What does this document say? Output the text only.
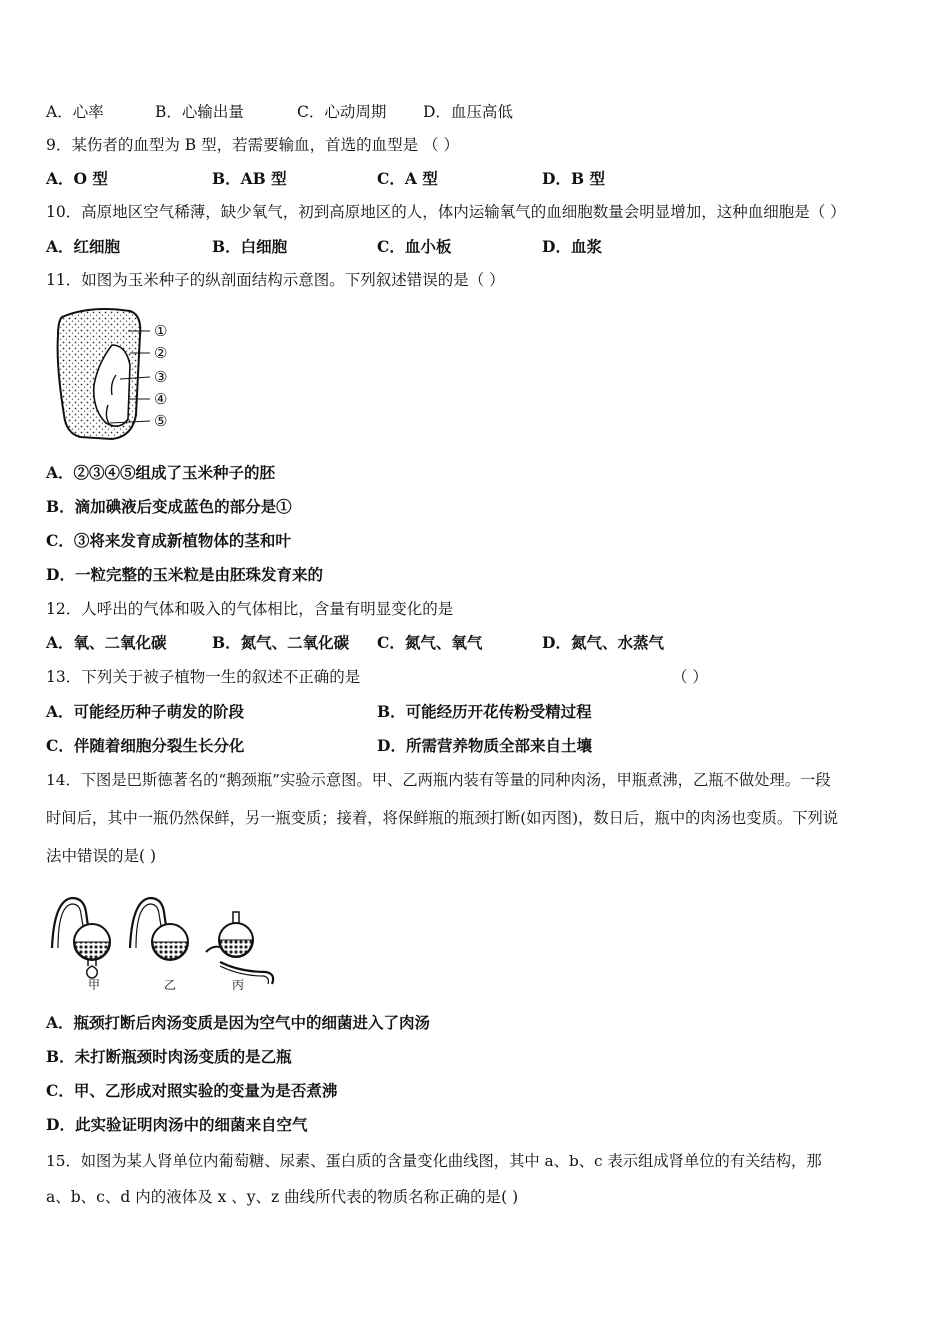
A．心率	B．心输出量	C．心动周期 D．血压高低
9．某伤者的血型为 B 型，若需要输血，首选的血型是 （ ）
A．O 型	B．AB 型	C．A 型	D．B 型
10．高原地区空气稀薄，缺少氧气，初到高原地区的人，体内运输氧气的血细胞数量会明显增加，这种血细胞是（ ）
A．红细胞	B．白细胞	C．血小板	D．血浆
11．如图为玉米种子的纵剖面结构示意图。下列叙述错误的是（ ）
①
②
③
④
⑤
A．②③④⑤组成了玉米种子的胚
B．滴加碘液后变成蓝色的部分是①
C．③将来发育成新植物体的茎和叶
D．一粒完整的玉米粒是由胚珠发育来的
12．人呼出的气体和吸入的气体相比，含量有明显变化的是
A．氧、二氧化碳	B．氮气、二氧化碳 C．氮气、氧气	D．氮气、水蒸气
13．下列关于被子植物一生的叙述不正确的是	（ ）
A．可能经历种子萌发的阶段	B．可能经历开花传粉受精过程
C．伴随着细胞分裂生长分化	D．所需营养物质全部来自土壤
14．下图是巴斯德著名的“鹅颈瓶”实验示意图。甲、乙两瓶内装有等量的同种肉汤，甲瓶煮沸，乙瓶不做处理。一段
时间后，其中一瓶仍然保鲜，另一瓶变质；接着，将保鲜瓶的瓶颈打断(如丙图)，数日后，瓶中的肉汤也变质。下列说
法中错误的是( )
甲	乙	丙
A．瓶颈打断后肉汤变质是因为空气中的细菌进入了肉汤
B．未打断瓶颈时肉汤变质的是乙瓶
C．甲、乙形成对照实验的变量为是否煮沸
D．此实验证明肉汤中的细菌来自空气
15．如图为某人肾单位内葡萄糖、尿素、蛋白质的含量变化曲线图，其中 a、b、c 表示组成肾单位的有关结构，那
a、b、c、d 内的液体及 x 、y、z 曲线所代表的物质名称正确的是( )
